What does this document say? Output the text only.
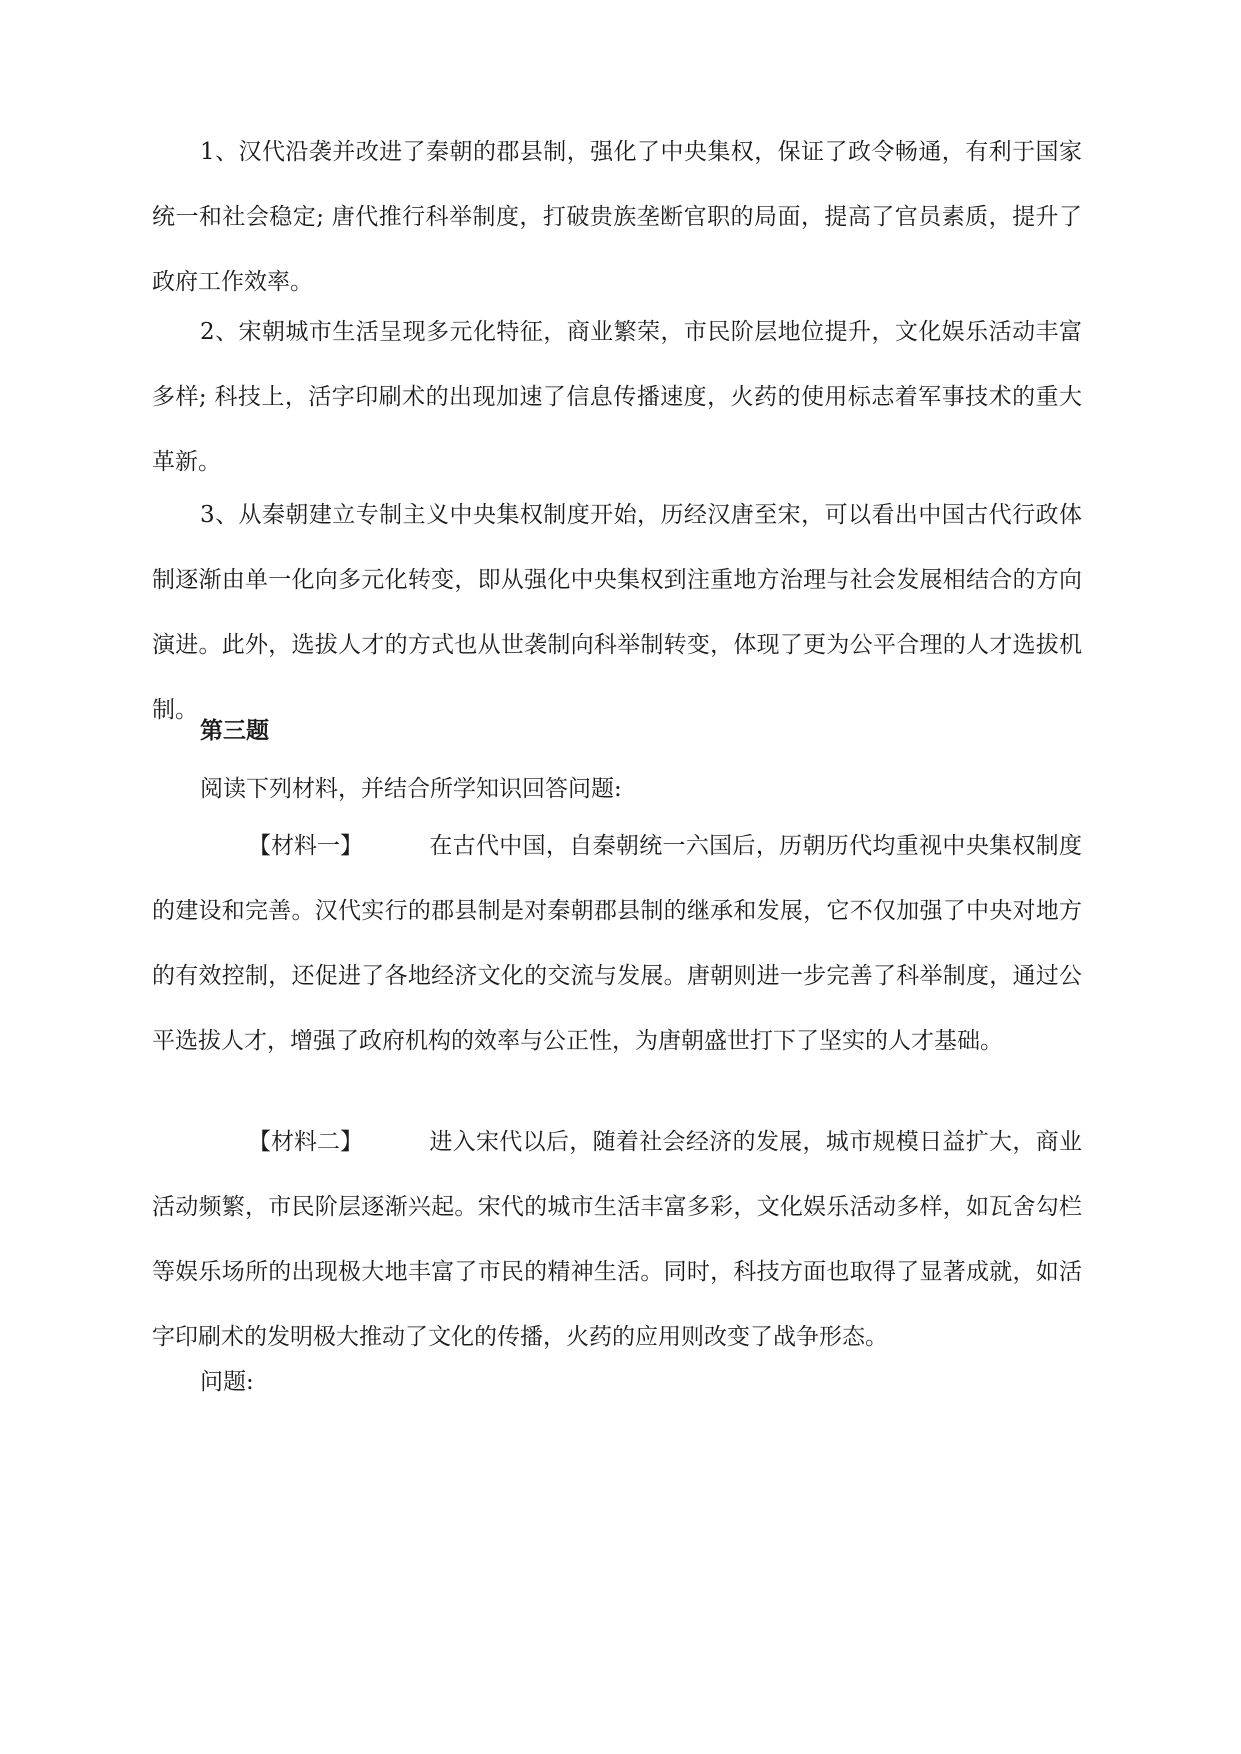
1、汉代沿袭并改进了秦朝的郡县制，强化了中央集权，保证了政令畅通，有利于国家统一和社会稳定; 唐代推行科举制度，打破贵族垄断官职的局面，提高了官员素质，提升了政府工作效率。

2、宋朝城市生活呈现多元化特征，商业繁荣，市民阶层地位提升，文化娱乐活动丰富多样; 科技上，活字印刷术的出现加速了信息传播速度，火药的使用标志着军事技术的重大革新。

3、从秦朝建立专制主义中央集权制度开始，历经汉唐至宋，可以看出中国古代行政体制逐渐由单一化向多元化转变，即从强化中央集权到注重地方治理与社会发展相结合的方向演进。此外，选拔人才的方式也从世袭制向科举制转变，体现了更为公平合理的人才选拔机制。

第三题

阅读下列材料，并结合所学知识回答问题:

【材料一】	在古代中国，自秦朝统一六国后，历朝历代均重视中央集权制度的建设和完善。汉代实行的郡县制是对秦朝郡县制的继承和发展，它不仅加强了中央对地方的有效控制，还促进了各地经济文化的交流与发展。唐朝则进一步完善了科举制度，通过公平选拔人才，增强了政府机构的效率与公正性，为唐朝盛世打下了坚实的人才基础。

【材料二】	进入宋代以后，随着社会经济的发展，城市规模日益扩大，商业活动频繁，市民阶层逐渐兴起。宋代的城市生活丰富多彩，文化娱乐活动多样，如瓦舍勾栏等娱乐场所的出现极大地丰富了市民的精神生活。同时，科技方面也取得了显著成就，如活字印刷术的发明极大推动了文化的传播，火药的应用则改变了战争形态。

问题:
